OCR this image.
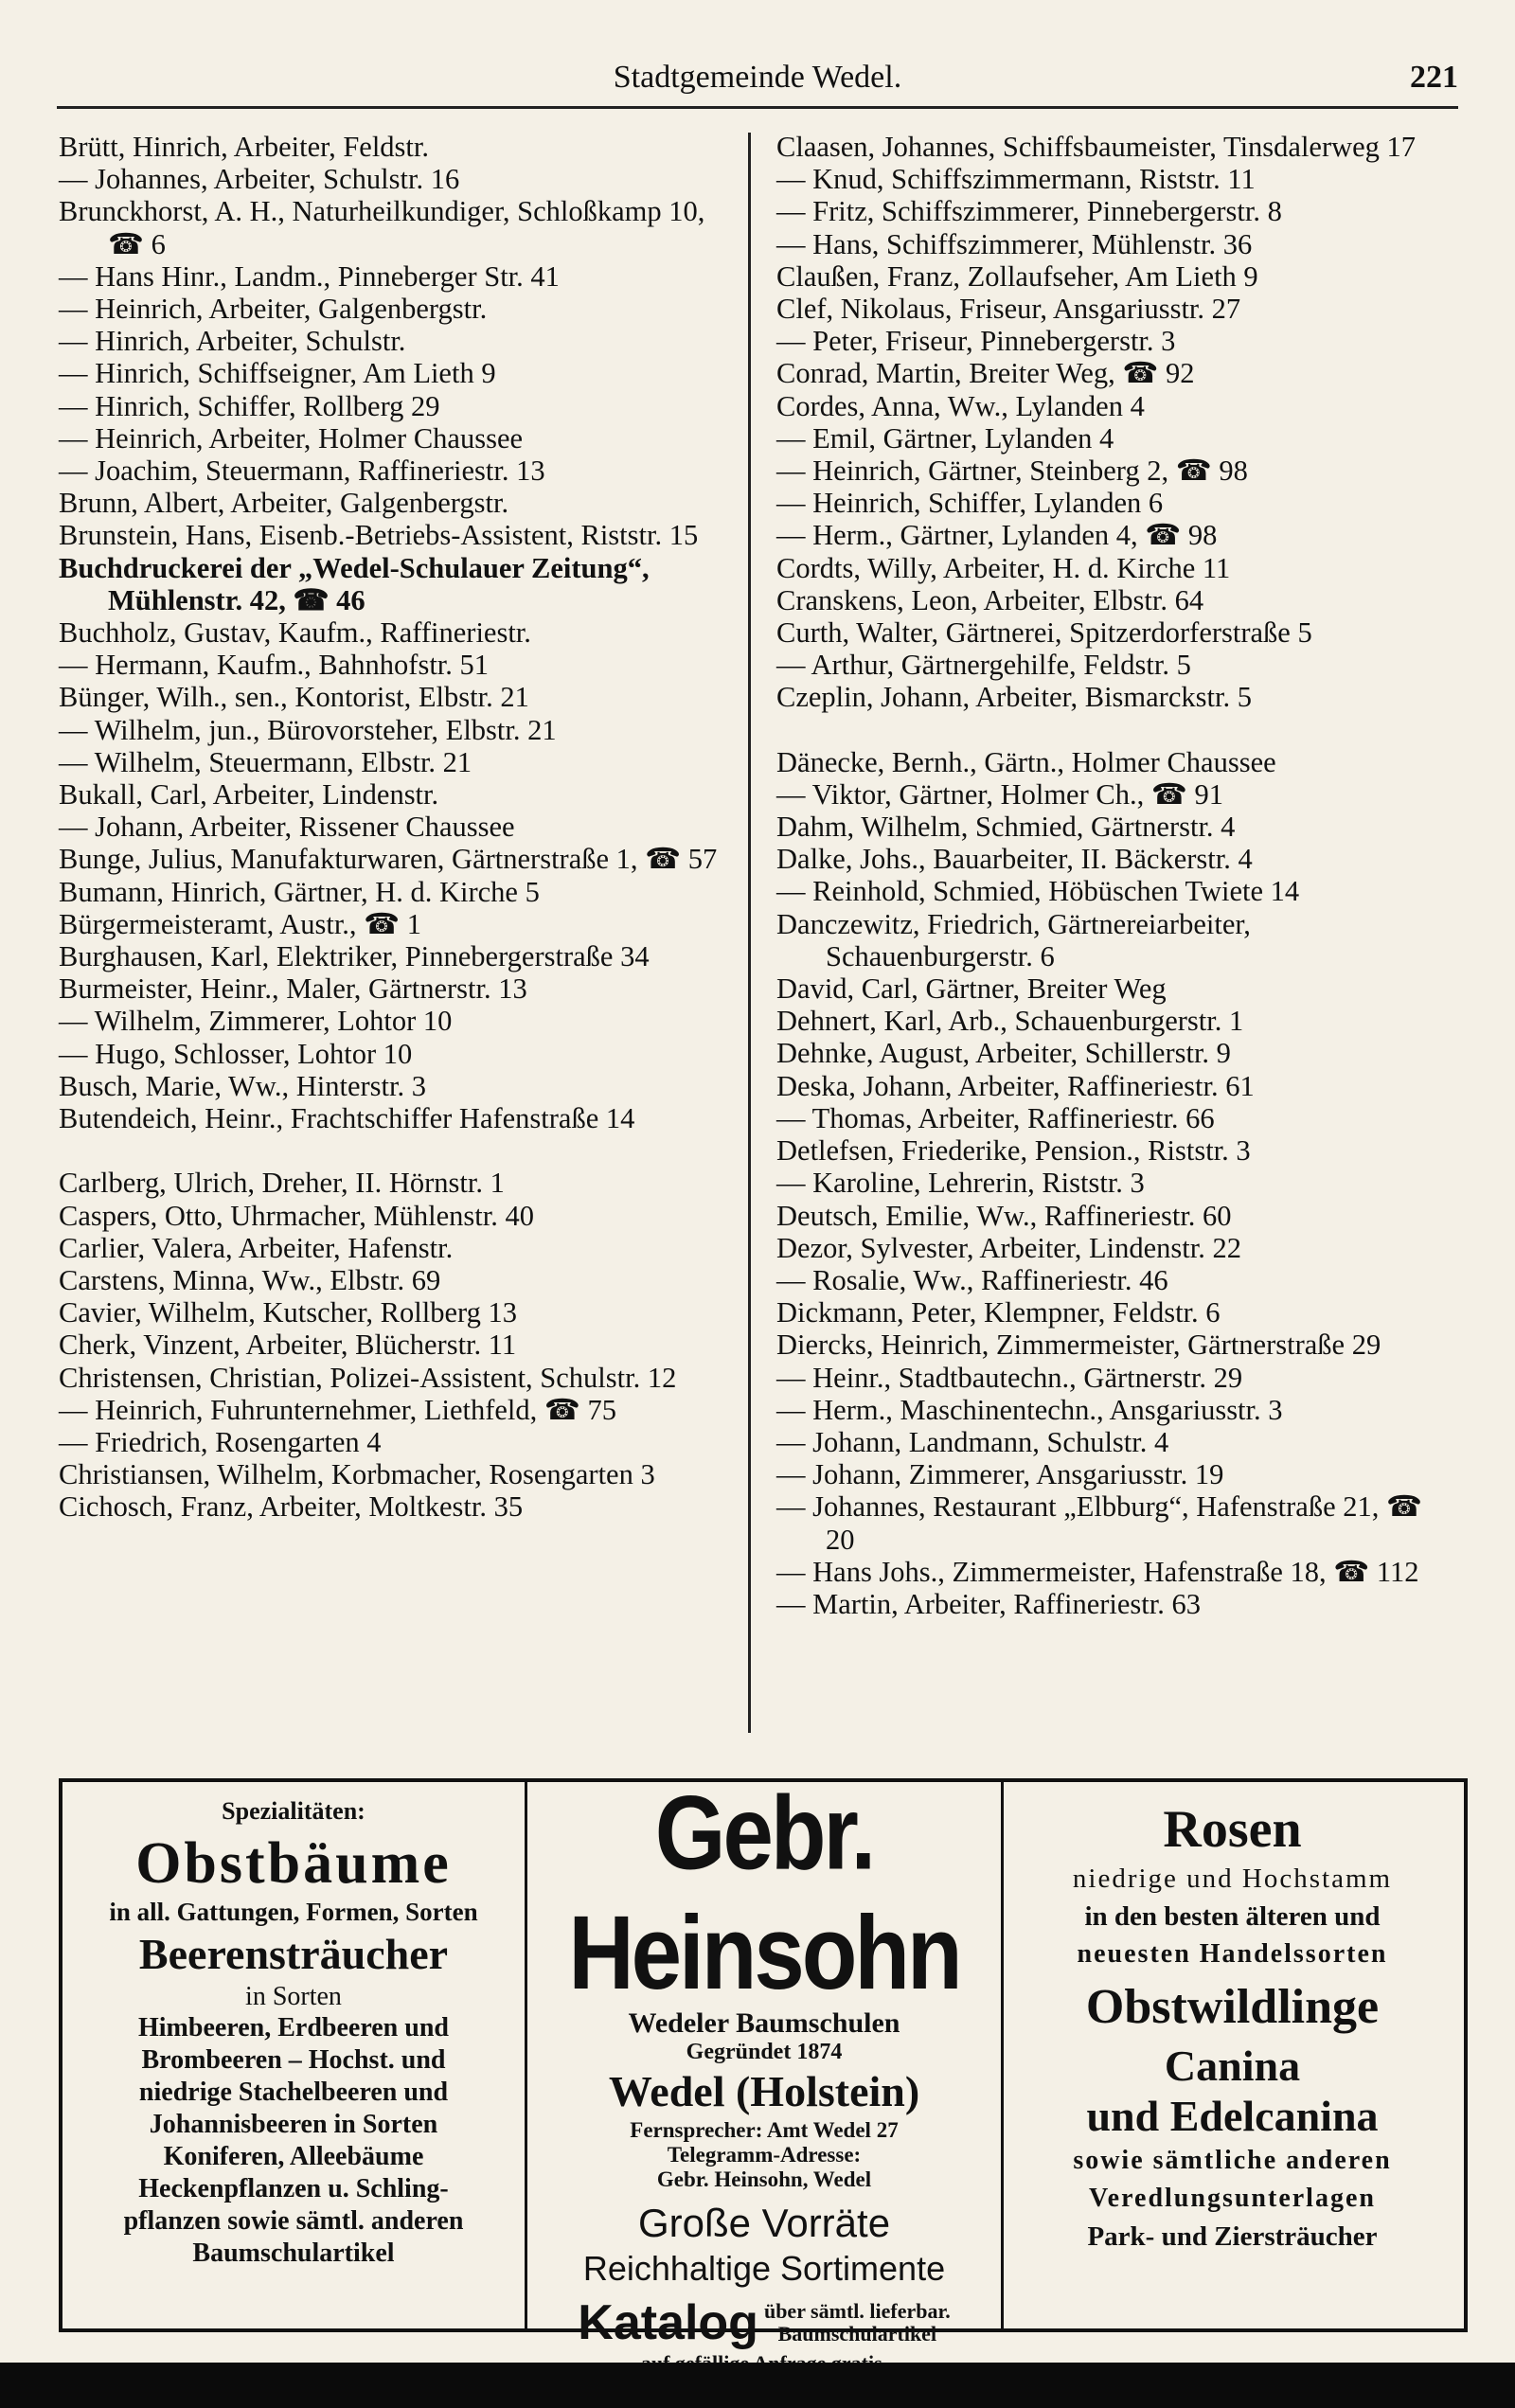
Stadtgemeinde Wedel.	221
Brütt, Hinrich, Arbeiter, Feldstr.
— Johannes, Arbeiter, Schulstr. 16
Brunckhorst, A. H., Naturheilkundiger, Schloßkamp 10, ☎ 6
— Hans Hinr., Landm., Pinneberger Str. 41
— Heinrich, Arbeiter, Galgenbergstr.
— Hinrich, Arbeiter, Schulstr.
— Hinrich, Schiffseigner, Am Lieth 9
— Hinrich, Schiffer, Rollberg 29
— Heinrich, Arbeiter, Holmer Chaussee
— Joachim, Steuermann, Raffineriestr. 13
Brunn, Albert, Arbeiter, Galgenbergstr.
Brunstein, Hans, Eisenb.-Betriebs-Assistent, Riststr. 15
Buchdruckerei der „Wedel-Schulauer Zeitung“, Mühlenstr. 42, ☎ 46
Buchholz, Gustav, Kaufm., Raffineriestr.
— Hermann, Kaufm., Bahnhofstr. 51
Bünger, Wilh., sen., Kontorist, Elbstr. 21
— Wilhelm, jun., Bürovorsteher, Elbstr. 21
— Wilhelm, Steuermann, Elbstr. 21
Bukall, Carl, Arbeiter, Lindenstr.
— Johann, Arbeiter, Rissener Chaussee
Bunge, Julius, Manufakturwaren, Gärtnerstraße 1, ☎ 57
Bumann, Hinrich, Gärtner, H. d. Kirche 5
Bürgermeisteramt, Austr., ☎ 1
Burghausen, Karl, Elektriker, Pinnebergerstraße 34
Burmeister, Heinr., Maler, Gärtnerstr. 13
— Wilhelm, Zimmerer, Lohtor 10
— Hugo, Schlosser, Lohtor 10
Busch, Marie, Ww., Hinterstr. 3
Butendeich, Heinr., Frachtschiffer Hafenstraße 14
Carlberg, Ulrich, Dreher, II. Hörnstr. 1
Caspers, Otto, Uhrmacher, Mühlenstr. 40
Carlier, Valera, Arbeiter, Hafenstr.
Carstens, Minna, Ww., Elbstr. 69
Cavier, Wilhelm, Kutscher, Rollberg 13
Cherk, Vinzent, Arbeiter, Blücherstr. 11
Christensen, Christian, Polizei-Assistent, Schulstr. 12
— Heinrich, Fuhrunternehmer, Liethfeld, ☎ 75
— Friedrich, Rosengarten 4
Christiansen, Wilhelm, Korbmacher, Rosengarten 3
Cichosch, Franz, Arbeiter, Moltkestr. 35
Claasen, Johannes, Schiffsbaumeister, Tinsdalerweg 17
— Knud, Schiffszimmermann, Riststr. 11
— Fritz, Schiffszimmerer, Pinnebergerstr. 8
— Hans, Schiffszimmerer, Mühlenstr. 36
Claußen, Franz, Zollaufseher, Am Lieth 9
Clef, Nikolaus, Friseur, Ansgariusstr. 27
— Peter, Friseur, Pinnebergerstr. 3
Conrad, Martin, Breiter Weg, ☎ 92
Cordes, Anna, Ww., Lylanden 4
— Emil, Gärtner, Lylanden 4
— Heinrich, Gärtner, Steinberg 2, ☎ 98
— Heinrich, Schiffer, Lylanden 6
— Herm., Gärtner, Lylanden 4, ☎ 98
Cordts, Willy, Arbeiter, H. d. Kirche 11
Cranskens, Leon, Arbeiter, Elbstr. 64
Curth, Walter, Gärtnerei, Spitzerdorferstraße 5
— Arthur, Gärtnergehilfe, Feldstr. 5
Czeplin, Johann, Arbeiter, Bismarckstr. 5
Dänecke, Bernh., Gärtn., Holmer Chaussee
— Viktor, Gärtner, Holmer Ch., ☎ 91
Dahm, Wilhelm, Schmied, Gärtnerstr. 4
Dalke, Johs., Bauarbeiter, II. Bäckerstr. 4
— Reinhold, Schmied, Höbüschen Twiete 14
Danczewitz, Friedrich, Gärtnereiarbeiter, Schauenburgerstr. 6
David, Carl, Gärtner, Breiter Weg
Dehnert, Karl, Arb., Schauenburgerstr. 1
Dehnke, August, Arbeiter, Schillerstr. 9
Deska, Johann, Arbeiter, Raffineriestr. 61
— Thomas, Arbeiter, Raffineriestr. 66
Detlefsen, Friederike, Pension., Riststr. 3
— Karoline, Lehrerin, Riststr. 3
Deutsch, Emilie, Ww., Raffineriestr. 60
Dezor, Sylvester, Arbeiter, Lindenstr. 22
— Rosalie, Ww., Raffineriestr. 46
Dickmann, Peter, Klempner, Feldstr. 6
Diercks, Heinrich, Zimmermeister, Gärtnerstraße 29
— Heinr., Stadtbautechn., Gärtnerstr. 29
— Herm., Maschinentechn., Ansgariusstr. 3
— Johann, Landmann, Schulstr. 4
— Johann, Zimmerer, Ansgariusstr. 19
— Johannes, Restaurant „Elbburg“, Hafenstraße 21, ☎ 20
— Hans Johs., Zimmermeister, Hafenstraße 18, ☎ 112
— Martin, Arbeiter, Raffineriestr. 63
Spezialitäten:
Obstbäume
in all. Gattungen, Formen, Sorten
Beerensträucher
in Sorten
Himbeeren, Erdbeeren und
Brombeeren – Hochst. und
niedrige Stachelbeeren und
Johannisbeeren in Sorten
Koniferen, Alleebäume
Heckenpflanzen u. Schling-
pflanzen sowie sämtl. anderen
Baumschulartikel
Gebr. Heinsohn
Wedeler Baumschulen
Gegründet 1874
Wedel (Holstein)
Fernsprecher: Amt Wedel 27
Telegramm-Adresse:
Gebr. Heinsohn, Wedel
Große Vorräte
Reichhaltige Sortimente
Katalog über sämtl. lieferbar.
Baumschulartikel
Rosen
niedrige und Hochstamm
in den besten älteren und
neuesten Handelssorten
Obstwildlinge
Canina
und Edelcanina
sowie sämtliche anderen
Veredlungsunterlagen
Park- und Ziersträucher
